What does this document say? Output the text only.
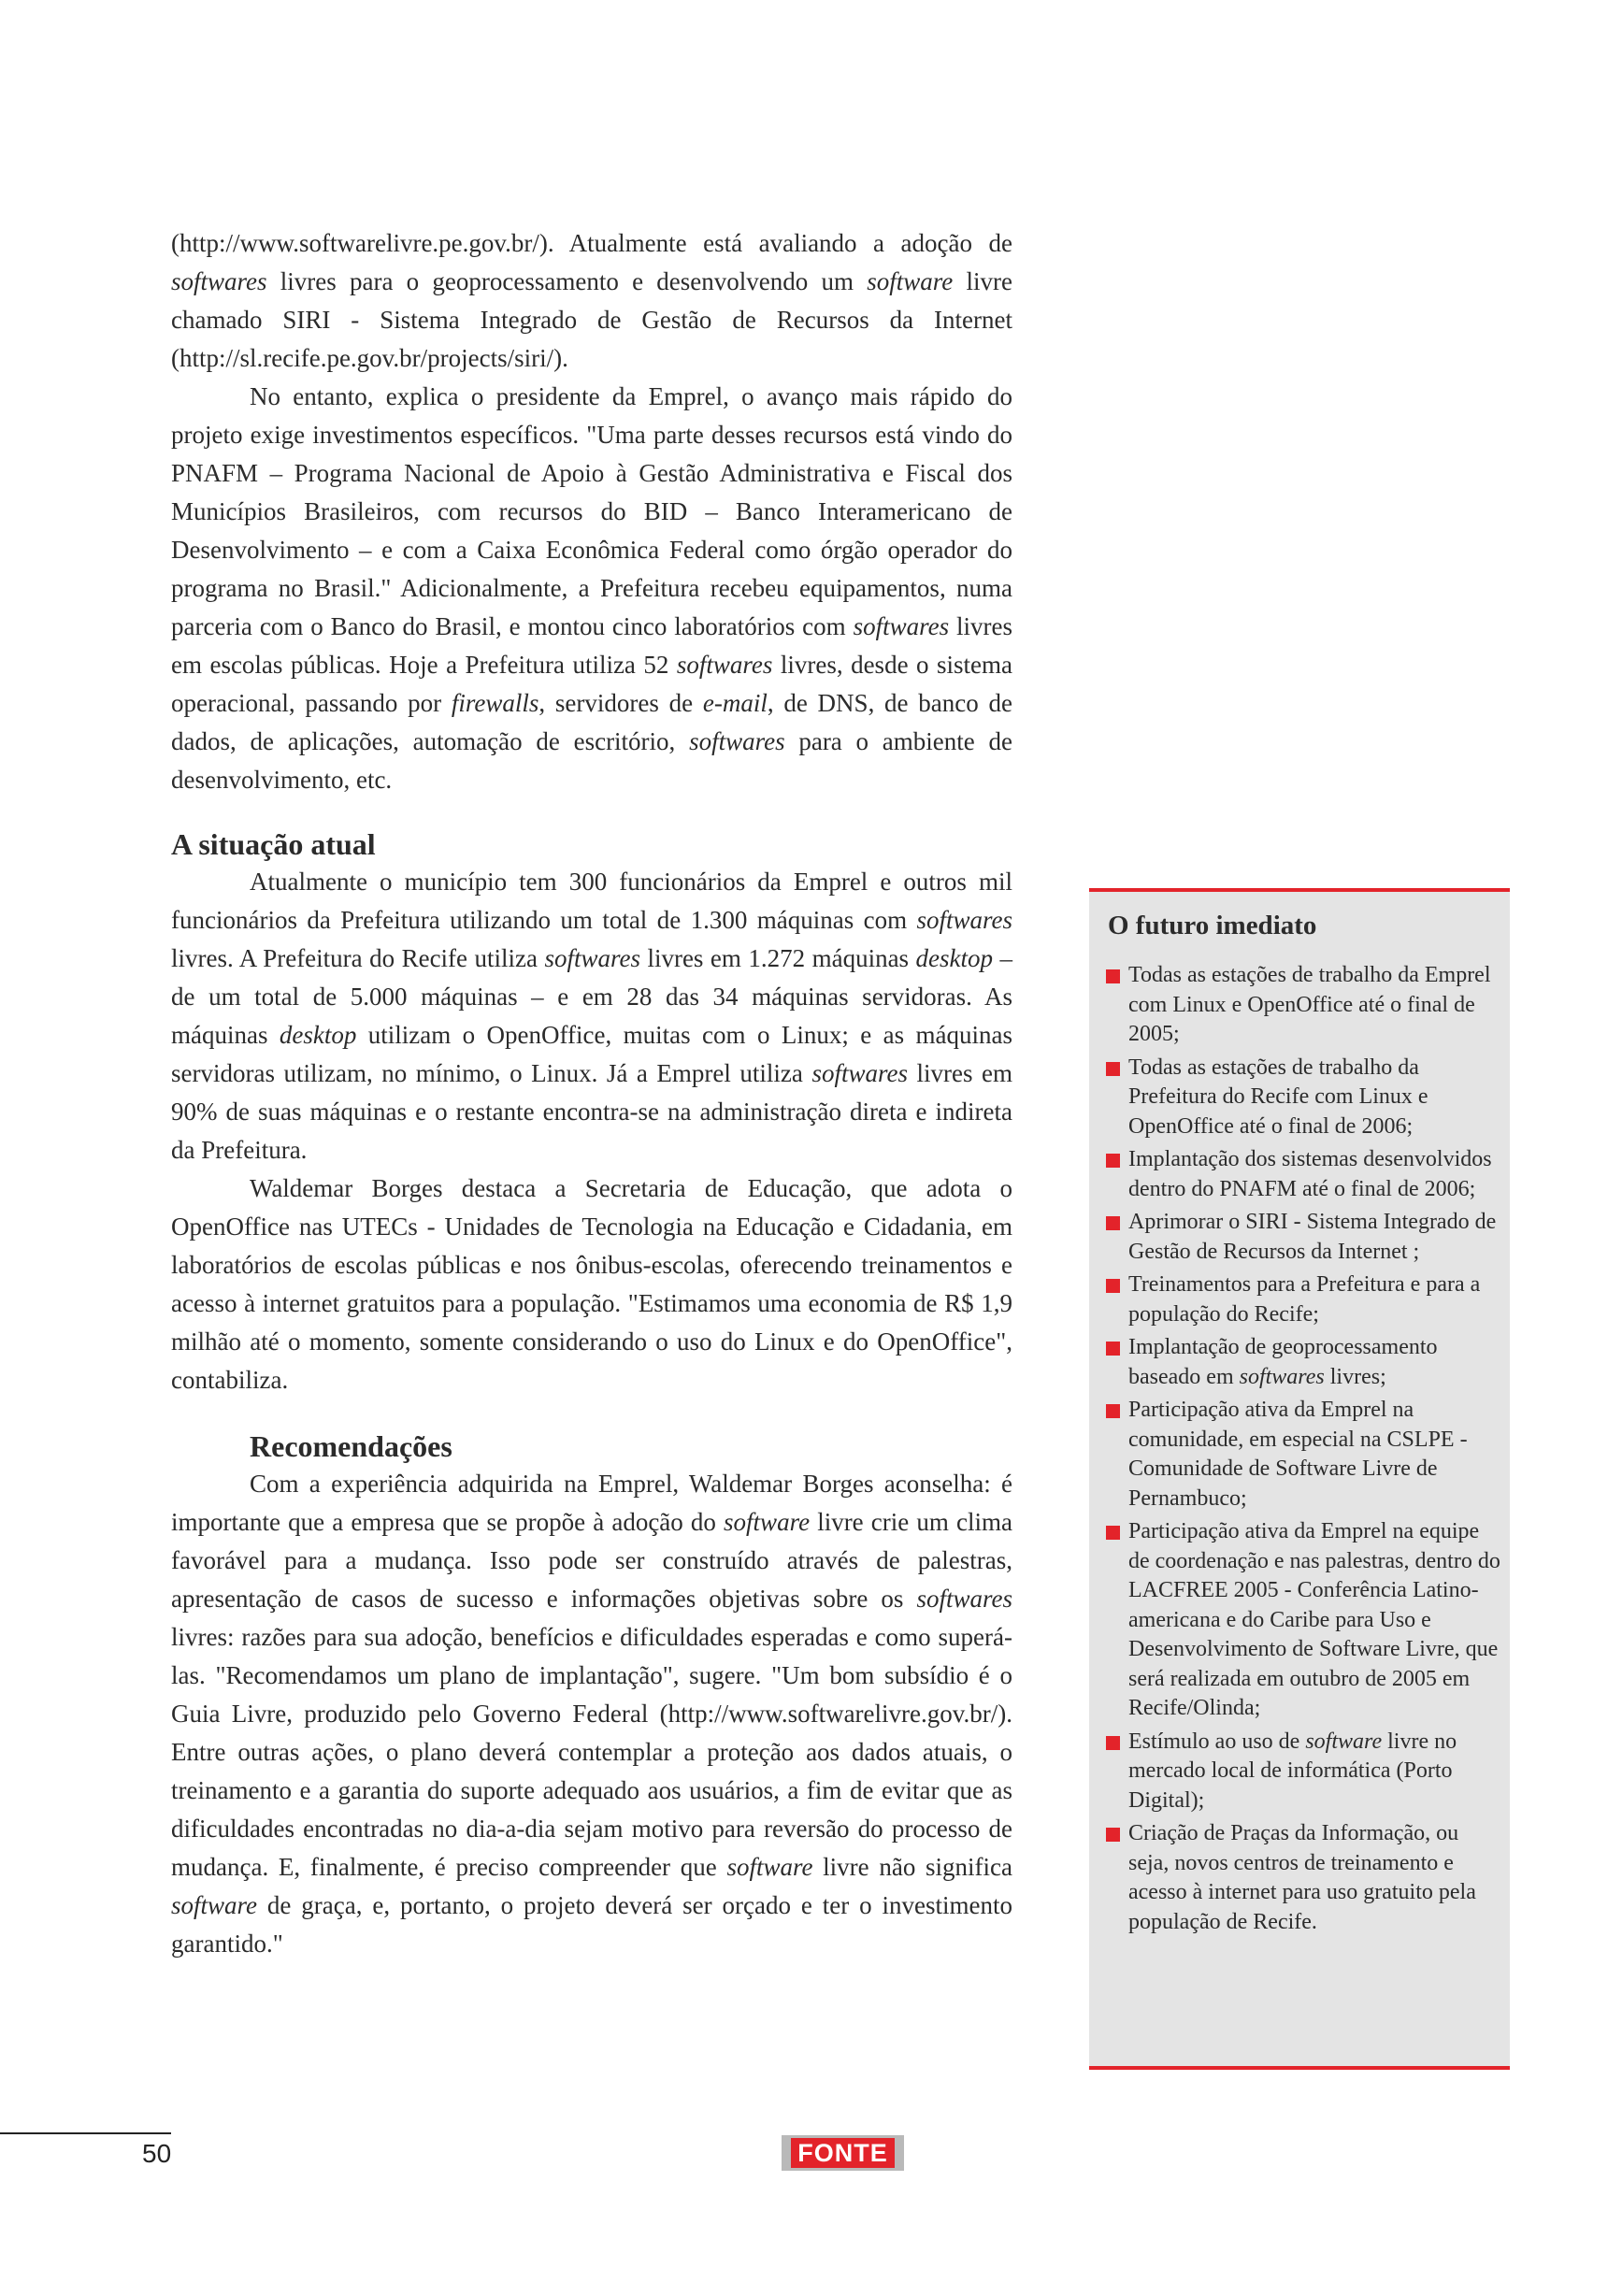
(http://www.softwarelivre.pe.gov.br/). Atualmente está avaliando a adoção de softwares livres para o geoprocessamento e desenvolvendo um software livre chamado SIRI - Sistema Integrado de Gestão de Recursos da Internet (http://sl.recife.pe.gov.br/projects/siri/).

No entanto, explica o presidente da Emprel, o avanço mais rápido do projeto exige investimentos específicos. "Uma parte desses recursos está vindo do PNAFM – Programa Nacional de Apoio à Gestão Administrativa e Fiscal dos Municípios Brasileiros, com recursos do BID – Banco Interamericano de Desenvolvimento – e com a Caixa Econômica Federal como órgão operador do programa no Brasil." Adicionalmente, a Prefeitura recebeu equipamentos, numa parceria com o Banco do Brasil, e montou cinco laboratórios com softwares livres em escolas públicas. Hoje a Prefeitura utiliza 52 softwares livres, desde o sistema operacional, passando por firewalls, servidores de e-mail, de DNS, de banco de dados, de aplicações, automação de escritório, softwares para o ambiente de desenvolvimento, etc.

A situação atual

Atualmente o município tem 300 funcionários da Emprel e outros mil funcionários da Prefeitura utilizando um total de 1.300 máquinas com softwares livres. A Prefeitura do Recife utiliza softwares livres em 1.272 máquinas desktop – de um total de 5.000 máquinas – e em 28 das 34 máquinas servidoras. As máquinas desktop utilizam o OpenOffice, muitas com o Linux; e as máquinas servidoras utilizam, no mínimo, o Linux. Já a Emprel utiliza softwares livres em 90% de suas máquinas e o restante encontra-se na administração direta e indireta da Prefeitura.

Waldemar Borges destaca a Secretaria de Educação, que adota o OpenOffice nas UTECs - Unidades de Tecnologia na Educação e Cidadania, em laboratórios de escolas públicas e nos ônibus-escolas, oferecendo treinamentos e acesso à internet gratuitos para a população. "Estimamos uma economia de R$ 1,9 milhão até o momento, somente considerando o uso do Linux e do OpenOffice", contabiliza.

Recomendações

Com a experiência adquirida na Emprel, Waldemar Borges aconselha: é importante que a empresa que se propõe à adoção do software livre crie um clima favorável para a mudança. Isso pode ser construído através de palestras, apresentação de casos de sucesso e informações objetivas sobre os softwares livres: razões para sua adoção, benefícios e dificuldades esperadas e como superá-las. "Recomendamos um plano de implantação", sugere. "Um bom subsídio é o Guia Livre, produzido pelo Governo Federal (http://www.softwarelivre.gov.br/). Entre outras ações, o plano deverá contemplar a proteção aos dados atuais, o treinamento e a garantia do suporte adequado aos usuários, a fim de evitar que as dificuldades encontradas no dia-a-dia sejam motivo para reversão do processo de mudança. E, finalmente, é preciso compreender que software livre não significa software de graça, e, portanto, o projeto deverá ser orçado e ter o investimento garantido."

O futuro imediato
Todas as estações de trabalho da Emprel com Linux e OpenOffice até o final de 2005;
Todas as estações de trabalho da Prefeitura do Recife com Linux e OpenOffice até o final de 2006;
Implantação dos sistemas desenvolvidos dentro do PNAFM até o final de 2006;
Aprimorar o SIRI - Sistema Integrado de Gestão de Recursos da Internet ;
Treinamentos para a Prefeitura e para a população do Recife;
Implantação de geoprocessamento baseado em softwares livres;
Participação ativa da Emprel na comunidade, em especial na CSLPE - Comunidade de Software Livre de Pernambuco;
Participação ativa da Emprel na equipe de coordenação e nas palestras, dentro do LACFREE 2005 - Conferência Latino-americana e do Caribe para Uso e Desenvolvimento de Software Livre, que será realizada em outubro de 2005 em Recife/Olinda;
Estímulo ao uso de software livre no mercado local de informática (Porto Digital);
Criação de Praças da Informação, ou seja, novos centros de treinamento e acesso à internet para uso gratuito pela população de Recife.
50	FONTE
